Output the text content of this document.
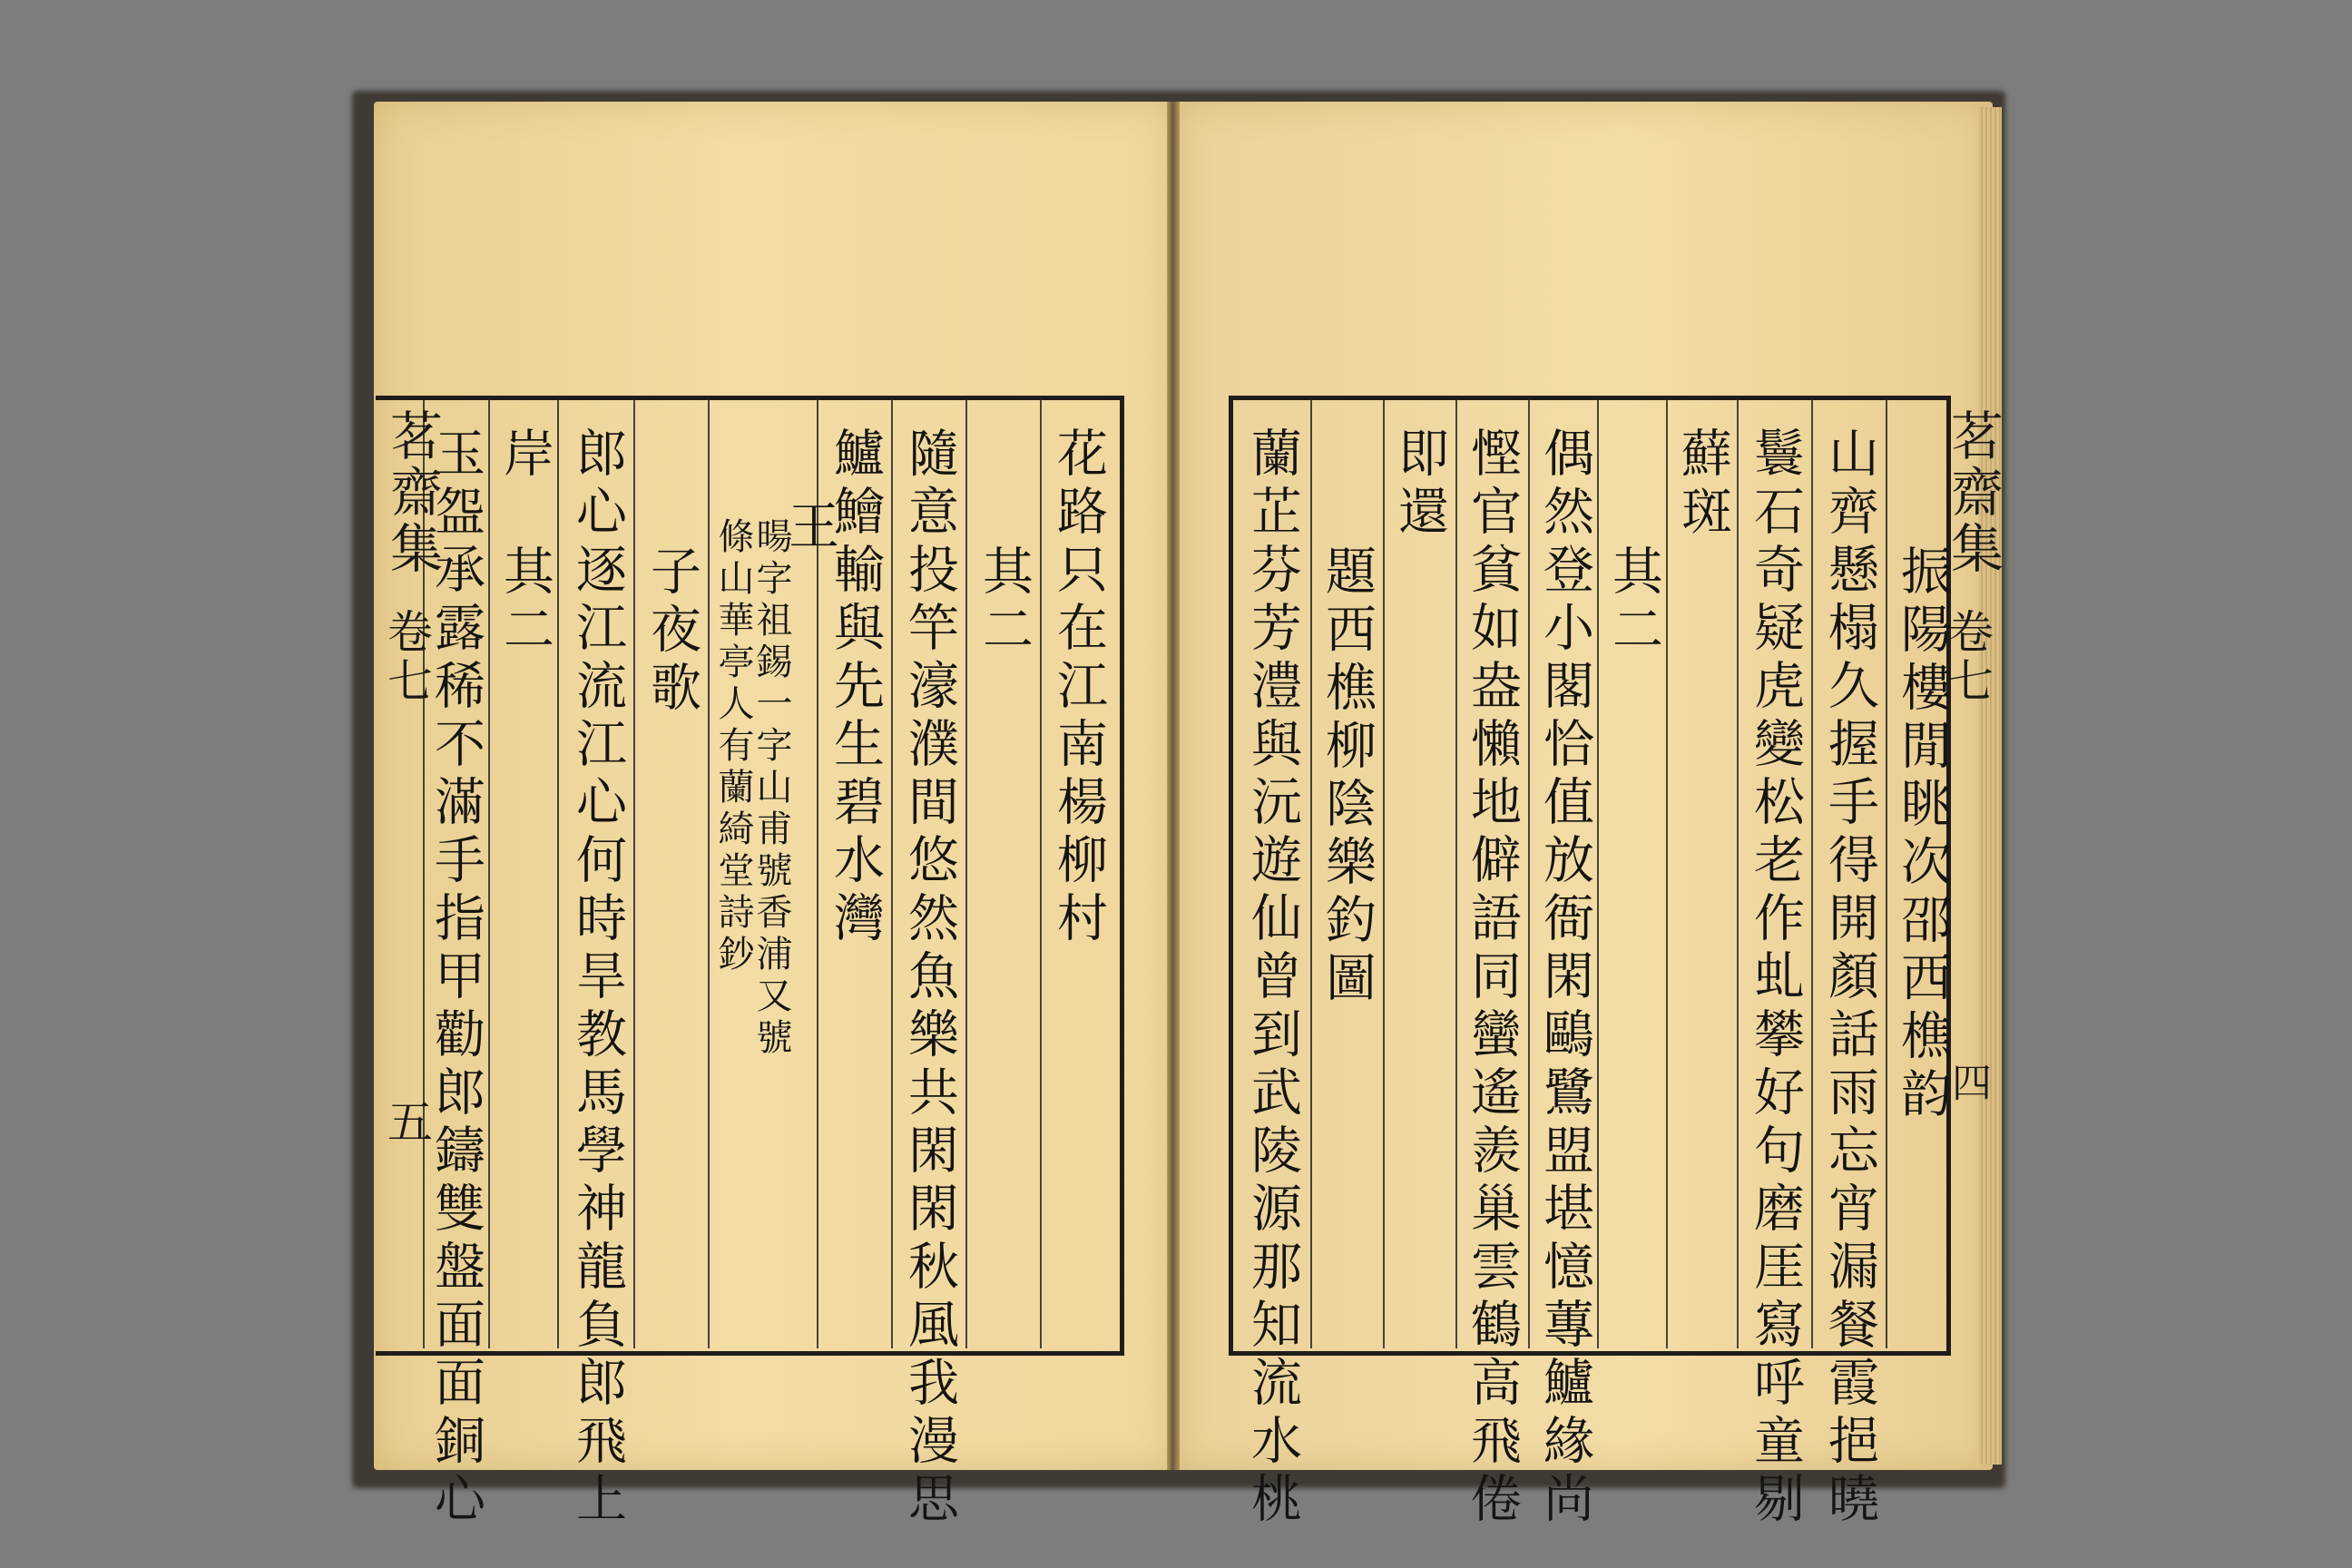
花路只在江南楊柳村
其二
隨意投竿濠濮間悠然魚樂共閑閑秋風我漫思
鱸鱠輸與先生碧水灣
王
暘字祖錫一字山甫號香浦又號
條山華亭人有蘭綺堂詩鈔
子夜歌
郎心逐江流江心何時旱教馬學神龍負郎飛上
岸
其二
玉盌承露稀不滿手指甲勸郎鑄雙盤面面銅心
茗齋集
卷七
五	振陽樓閒眺次邵西樵韵
山齊懸榻久握手得開顏話雨忘宵漏餐霞挹曉
鬟石奇疑虎變松老作虬攀好句磨厓寫呼童剔
蘚斑
其二
偶然登小閣恰值放衙閑鷗鷺盟堪憶蓴鱸緣尚
慳官貧如盎懶地僻語同蠻遙羨巢雲鶴高飛倦
即還
題西樵柳陰樂釣圖
蘭芷芬芳澧與沅遊仙曾到武陵源那知流水桃	茗齋集
卷七
四
